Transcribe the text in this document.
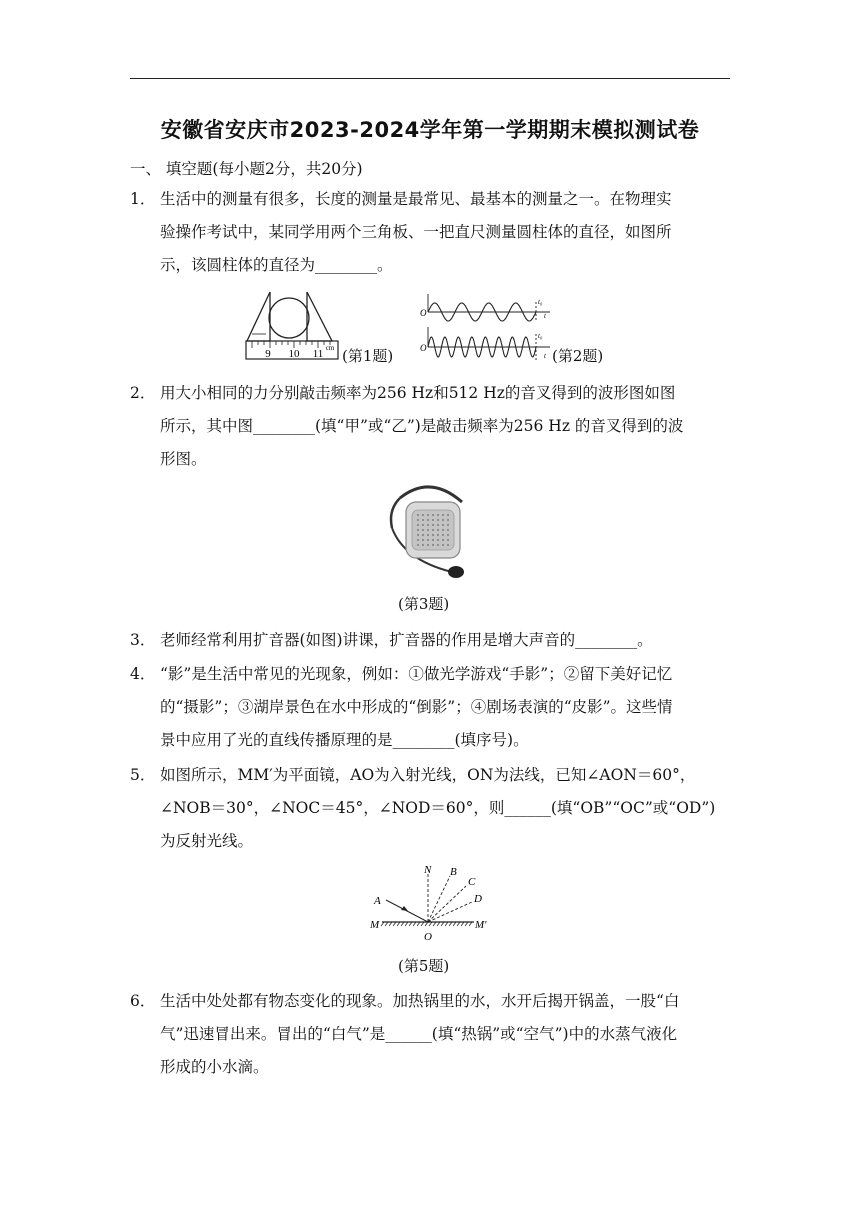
安徽省安庆市2023-2024学年第一学期期末模拟测试卷
一、 填空题(每小题2分，共20分)
1． 生活中的测量有很多，长度的测量是最常见、最基本的测量之一。在物理实
验操作考试中，某同学用两个三角板、一把直尺测量圆柱体的直径，如图所
示，该圆柱体的直径为________。
9 10 11 cm (第1题)
O
O
t₀
t
t₀
t (第2题)
2． 用大小相同的力分别敲击频率为256 Hz和512 Hz的音叉得到的波形图如图
所示，其中图________(填“甲”或“乙”)是敲击频率为256 Hz 的音叉得到的波
形图。
(第3题)
3． 老师经常利用扩音器(如图)讲课，扩音器的作用是增大声音的________。
4． “影”是生活中常见的光现象，例如：①做光学游戏“手影”；②留下美好记忆
的“摄影”；③湖岸景色在水中形成的“倒影”；④剧场表演的“皮影”。这些情
景中应用了光的直线传播原理的是________(填序号)。
5． 如图所示，MM′为平面镜，AO为入射光线，ON为法线，已知∠AON＝60°，
∠NOB＝30°，∠NOC＝45°，∠NOD＝60°，则______(填“OB”“OC”或“OD”)
为反射光线。
N B
C
D
A
M	M′
O
(第5题)
6． 生活中处处都有物态变化的现象。加热锅里的水，水开后揭开锅盖，一股“白
气”迅速冒出来。冒出的“白气”是______(填“热锅”或“空气”)中的水蒸气液化
形成的小水滴。
